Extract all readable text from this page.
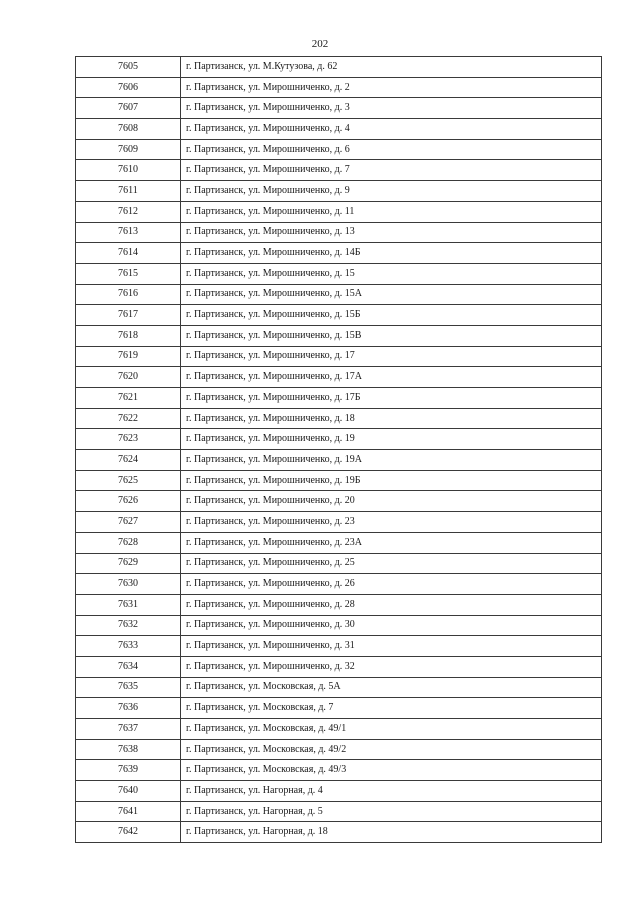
202
7605	г. Партизанск, ул. М.Кутузова, д. 62
7606	г. Партизанск, ул. Мирошниченко, д. 2
7607	г. Партизанск, ул. Мирошниченко, д. 3
7608	г. Партизанск, ул. Мирошниченко, д. 4
7609	г. Партизанск, ул. Мирошниченко, д. 6
7610	г. Партизанск, ул. Мирошниченко, д. 7
7611	г. Партизанск, ул. Мирошниченко, д. 9
7612	г. Партизанск, ул. Мирошниченко, д. 11
7613	г. Партизанск, ул. Мирошниченко, д. 13
7614	г. Партизанск, ул. Мирошниченко, д. 14Б
7615	г. Партизанск, ул. Мирошниченко, д. 15
7616	г. Партизанск, ул. Мирошниченко, д. 15А
7617	г. Партизанск, ул. Мирошниченко, д. 15Б
7618	г. Партизанск, ул. Мирошниченко, д. 15В
7619	г. Партизанск, ул. Мирошниченко, д. 17
7620	г. Партизанск, ул. Мирошниченко, д. 17А
7621	г. Партизанск, ул. Мирошниченко, д. 17Б
7622	г. Партизанск, ул. Мирошниченко, д. 18
7623	г. Партизанск, ул. Мирошниченко, д. 19
7624	г. Партизанск, ул. Мирошниченко, д. 19А
7625	г. Партизанск, ул. Мирошниченко, д. 19Б
7626	г. Партизанск, ул. Мирошниченко, д. 20
7627	г. Партизанск, ул. Мирошниченко, д. 23
7628	г. Партизанск, ул. Мирошниченко, д. 23А
7629	г. Партизанск, ул. Мирошниченко, д. 25
7630	г. Партизанск, ул. Мирошниченко, д. 26
7631	г. Партизанск, ул. Мирошниченко, д. 28
7632	г. Партизанск, ул. Мирошниченко, д. 30
7633	г. Партизанск, ул. Мирошниченко, д. 31
7634	г. Партизанск, ул. Мирошниченко, д. 32
7635	г. Партизанск, ул. Московская, д. 5А
7636	г. Партизанск, ул. Московская, д. 7
7637	г. Партизанск, ул. Московская, д. 49/1
7638	г. Партизанск, ул. Московская, д. 49/2
7639	г. Партизанск, ул. Московская, д. 49/3
7640	г. Партизанск, ул. Нагорная, д. 4
7641	г. Партизанск, ул. Нагорная, д. 5
7642	г. Партизанск, ул. Нагорная, д. 18
